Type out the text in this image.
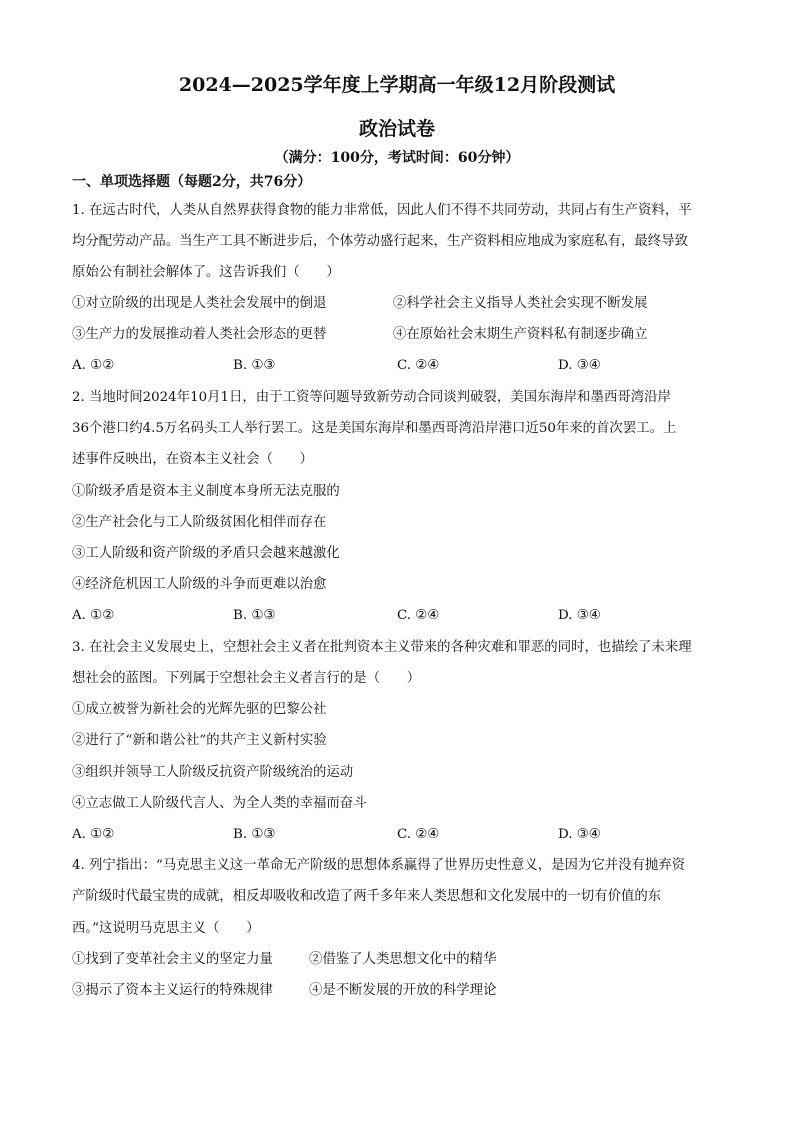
2024—2025学年度上学期高一年级12月阶段测试
政治试卷
（满分：100分，考试时间：60分钟）
一、单项选择题（每题2分，共76分）
1. 在远古时代，人类从自然界获得食物的能力非常低，因此人们不得不共同劳动，共同占有生产资料，平
均分配劳动产品。当生产工具不断进步后，个体劳动盛行起来，生产资料相应地成为家庭私有，最终导致
原始公有制社会解体了。这告诉我们（　　）
①对立阶级的出现是人类社会发展中的倒退	②科学社会主义指导人类社会实现不断发展
③生产力的发展推动着人类社会形态的更替	④在原始社会末期生产资料私有制逐步确立
A. ①②	B. ①③	C. ②④	D. ③④
2. 当地时间2024年10月1日，由于工资等问题导致新劳动合同谈判破裂，美国东海岸和墨西哥湾沿岸
36个港口约4.5万名码头工人举行罢工。这是美国东海岸和墨西哥湾沿岸港口近50年来的首次罢工。上
述事件反映出，在资本主义社会（　　）
①阶级矛盾是资本主义制度本身所无法克服的
②生产社会化与工人阶级贫困化相伴而存在
③工人阶级和资产阶级的矛盾只会越来越激化
④经济危机因工人阶级的斗争而更难以治愈
A. ①②	B. ①③	C. ②④	D. ③④
3. 在社会主义发展史上，空想社会主义者在批判资本主义带来的各种灾难和罪恶的同时，也描绘了未来理
想社会的蓝图。下列属于空想社会主义者言行的是（　　）
①成立被誉为新社会的光辉先驱的巴黎公社
②进行了“新和谐公社”的共产主义新村实验
③组织并领导工人阶级反抗资产阶级统治的运动
④立志做工人阶级代言人、为全人类的幸福而奋斗
A. ①②	B. ①③	C. ②④	D. ③④
4. 列宁指出：“马克思主义这一革命无产阶级的思想体系赢得了世界历史性意义，是因为它并没有抛弃资
产阶级时代最宝贵的成就，相反却吸收和改造了两千多年来人类思想和文化发展中的一切有价值的东
西。”这说明马克思主义（　　）
①找到了变革社会主义的坚定力量	②借鉴了人类思想文化中的精华
③揭示了资本主义运行的特殊规律	④是不断发展的开放的科学理论
